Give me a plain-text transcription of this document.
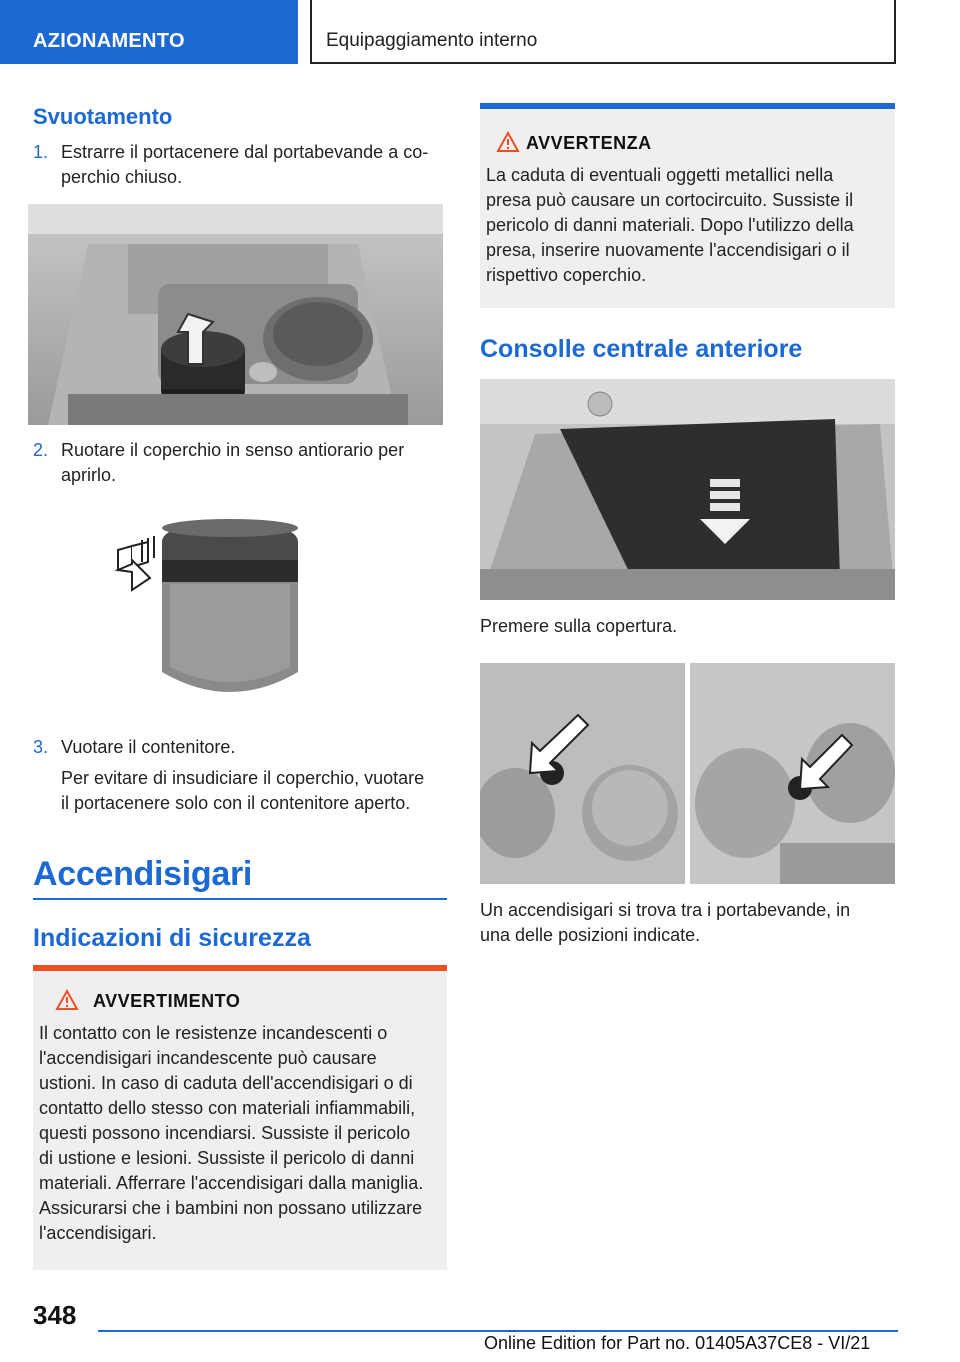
AZIONAMENTO	Equipaggiamento interno
Svuotamento
1. Estrarre il portacenere dal portabevande a co‐
perchio chiuso.
2. Ruotare il coperchio in senso antiorario per
aprirlo.
3. Vuotare il contenitore.
Per evitare di insudiciare il coperchio, vuotare
il portacenere solo con il contenitore aperto.
Accendisigari
Indicazioni di sicurezza
AVVERTIMENTO
Il contatto con le resistenze incandescenti o
l'accendisigari incandescente può causare
ustioni. In caso di caduta dell'accendisigari o di
contatto dello stesso con materiali infiammabili,
questi possono incendiarsi. Sussiste il pericolo
di ustione e lesioni. Sussiste il pericolo di danni
materiali. Afferrare l'accendisigari dalla maniglia.
Assicurarsi che i bambini non possano utilizzare
l'accendisigari.
AVVERTENZA
La caduta di eventuali oggetti metallici nella
presa può causare un cortocircuito. Sussiste il
pericolo di danni materiali. Dopo l'utilizzo della
presa, inserire nuovamente l'accendisigari o il
rispettivo coperchio.
Consolle centrale anteriore
Premere sulla copertura.
Un accendisigari si trova tra i portabevande, in
una delle posizioni indicate.
348
Online Edition for Part no. 01405A37CE8 - VI/21
